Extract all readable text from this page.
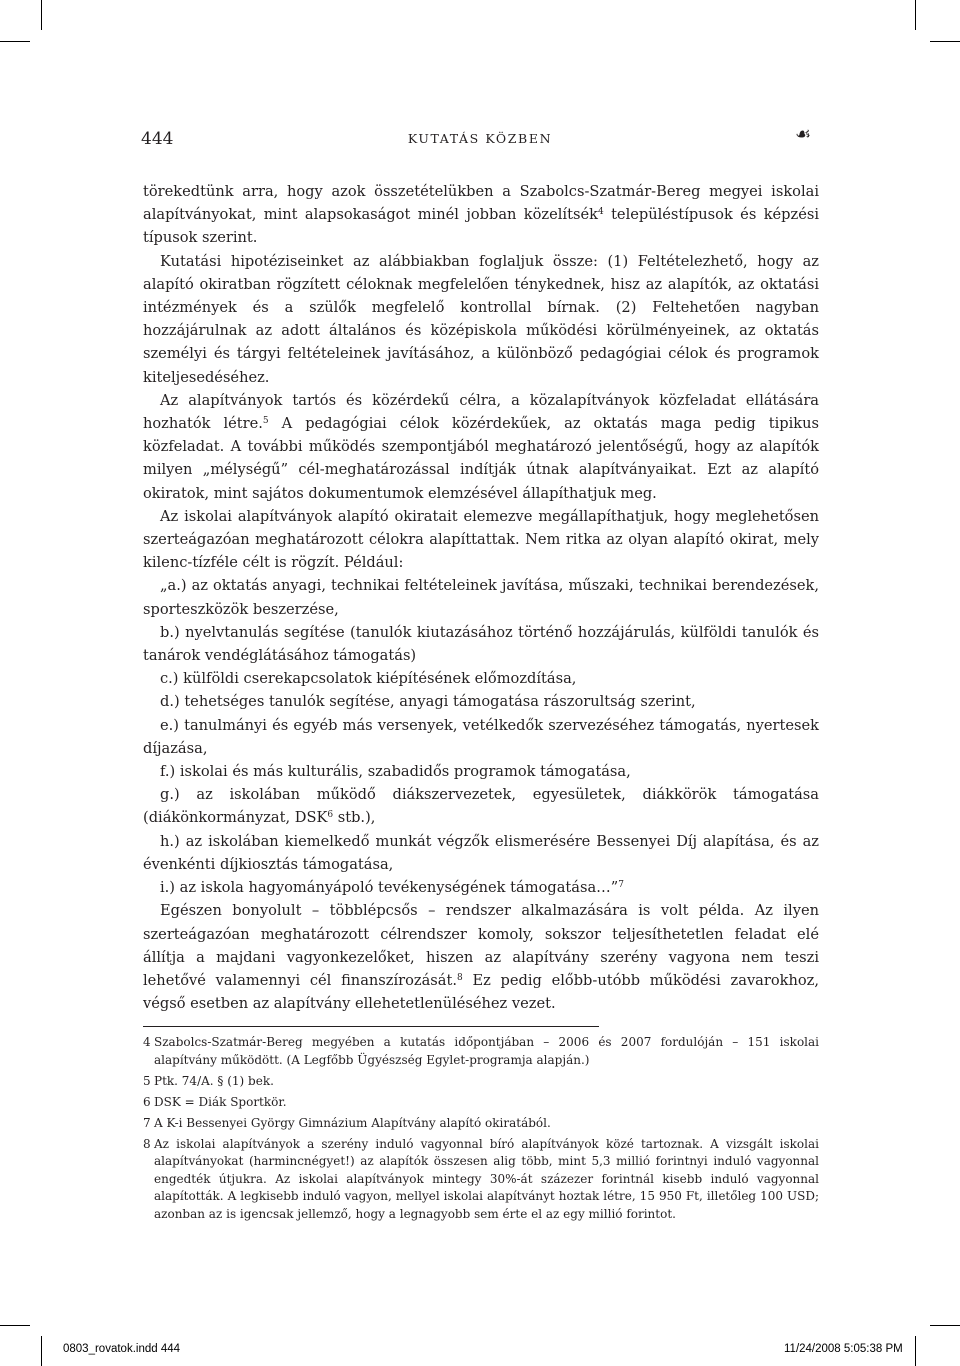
444	KUTATÁS KÖZBEN	☙

törekedtünk arra, hogy azok összetételükben a Szabolcs-Szatmár-Bereg megyei iskolai alapítványokat, mint alapsokaságot minél jobban közelítsék$^4$ településtípusok és képzési típusok szerint.

Kutatási hipotéziseinket az alábbiakban foglaljuk össze: (1) Feltételezhető, hogy az alapító okiratban rögzített céloknak megfelelően ténykednek, hisz az alapítók, az oktatási intézmények és a szülők megfelelő kontrollal bírnak. (2) Feltehetően nagyban hozzájárulnak az adott általános és középiskola működési körülményeinek, az oktatás személyi és tárgyi feltételeinek javításához, a különböző pedagógiai célok és programok kiteljesedéséhez.

Az alapítványok tartós és közérdekű célra, a közalapítványok közfeladat ellátására hozhatók létre.$^5$ A pedagógiai célok közérdekűek, az oktatás maga pedig tipikus közfeladat. A további működés szempontjából meghatározó jelentőségű, hogy az alapítók milyen „mélységű” cél-meghatározással indítják útnak alapítványaikat. Ezt az alapító okiratok, mint sajátos dokumentumok elemzésével állapíthatjuk meg.

Az iskolai alapítványok alapító okiratait elemezve megállapíthatjuk, hogy meglehetősen szerteágazóan meghatározott célokra alapíttattak. Nem ritka az olyan alapító okirat, mely kilenc-tízféle célt is rögzít. Például:

„a.) az oktatás anyagi, technikai feltételeinek javítása, műszaki, technikai berendezések, sporteszközök beszerzése,

b.) nyelvtanulás segítése (tanulók kiutazásához történő hozzájárulás, külföldi tanulók és tanárok vendéglátásához támogatás)

c.) külföldi cserekapcsolatok kiépítésének előmozdítása,

d.) tehetséges tanulók segítése, anyagi támogatása rászorultság szerint,

e.) tanulmányi és egyéb más versenyek, vetélkedők szervezéséhez támogatás, nyertesek díjazása,

f.) iskolai és más kulturális, szabadidős programok támogatása,

g.) az iskolában működő diákszervezetek, egyesületek, diákkörök támogatása (diákönkormányzat, DSK$^6$ stb.),

h.) az iskolában kiemelkedő munkát végzők elismerésére Bessenyei Díj alapítása, és az évenkénti díjkiosztás támogatása,

i.) az iskola hagyományápoló tevékenységének támogatása…”$^7$

Egészen bonyolult – többlépcsős – rendszer alkalmazására is volt példa. Az ilyen szerteágazóan meghatározott célrendszer komoly, sokszor teljesíthetetlen feladat elé állítja a majdani vagyonkezelőket, hiszen az alapítvány szerény vagyona nem teszi lehetővé valamennyi cél finanszírozását.$^8$ Ez pedig előbb-utóbb működési zavarokhoz, végső esetben az alapítvány ellehetetlenüléséhez vezet.

4 Szabolcs-Szatmár-Bereg megyében a kutatás időpontjában – 2006 és 2007 fordulóján – 151 iskolai alapítvány működött. (A Legfőbb Ügyészség Egylet-programja alapján.)
5 Ptk. 74/A. § (1) bek.
6 DSK = Diák Sportkör.
7 A K-i Bessenyei György Gimnázium Alapítvány alapító okiratából.
8 Az iskolai alapítványok a szerény induló vagyonnal bíró alapítványok közé tartoznak. A vizsgált iskolai alapítványokat (harmincnégyet!) az alapítók összesen alig több, mint 5,3 millió forintnyi induló vagyonnal engedték útjukra. Az iskolai alapítványok mintegy 30%-át százezer forintnál kisebb induló vagyonnal alapították. A legkisebb induló vagyon, mellyel iskolai alapítványt hoztak létre, 15 950 Ft, illetőleg 100 USD; azonban az is igencsak jellemző, hogy a legnagyobb sem érte el az egy millió forintot.
0803_rovatok.indd 444	11/24/2008 5:05:38 PM
